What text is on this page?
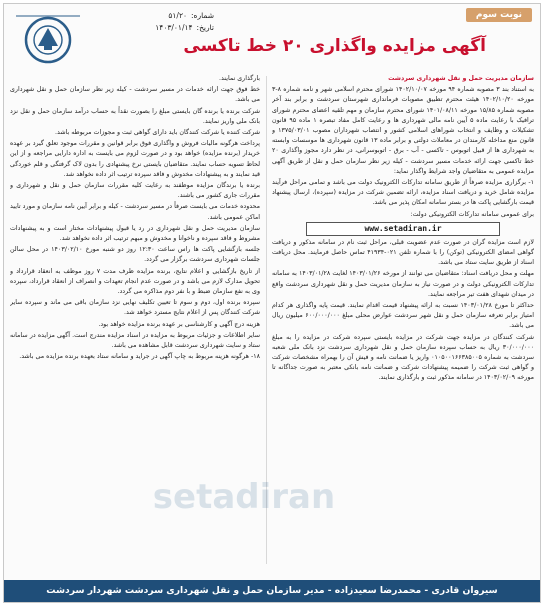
نوبت سوم
شماره:
۵۱/۲۰
تاریخ:
۱۴۰۳/۰۱/۱۴
آگهی مزایده واگذاری ۲۰ خط تاکسی
سازمان مدیریت حمل و نقل شهرداری سردشت
به استناد بند ۳ مصوبه شماره ۹۴ مورخه ۱۴۰۲/۱۰/۰۷ شورای محترم اسلامی شهر و نامه شماره ۸-۳ مورخه ۱۴۰۲/۱۰/۲۰ هیئت محترم تطبیق مصوبات فرمانداری شهرستان سردشت و برابر بند آخر مصوبه شماره ۱۵/۸۵ مورخه ۱۴۰۱/۰۸/۱۱ شورای محترم سازمان و مهم تلقیه اعضای محترم شورای ترافیک با رعایت ماده ۵ آیین نامه مالی شهرداری ها و رعایت کامل مفاد تبصره ۱ ماده ۹۵ قانون تشکیلات و وظایف و انتخاب شوراهای اسلامی کشور و انتصاب شهرداران مصوب ۱۳۷۵/۰۳/۰۱ و قانون منع مداخله کارمندان در معاملات دولتی و برابر ماده ۱۳ قانون شهرداری ها موسسات وابسته به شهرداری ها از قبیل اتوبوس - تاکسی - آب - برق - اتوبوسرانی، در نظر دارد مجوز واگذاری ۲۰ خط تاکسی جهت ارائه خدمات مسیر سردشت - کیله زیر نظر سازمان حمل و نقل از طریق آگهی مزایده عمومی به متقاضیان واجد شرایط واگذار نماید:
۱- برگزاری مزایده صرفاً از طریق سامانه تدارکات الکترونیک دولت می باشد و تمامی مراحل فرآیند مزایده شامل خرید و دریافت اسناد مزایده، ارائه تضمین شرکت در مزایده (سپرده)، ارسال پیشنهاد قیمت بارگشایی پاکت ها در بستر سامانه امکان پذیر می باشد.
برای عمومی سامانه تدارکات الکترونیکی دولت:
www.setadiran.ir
لازم است مزایده گران در صورت عدم عضویت قبلی، مراحل ثبت نام در سامانه مذکور و دریافت گواهی امضای الکترونیکی (توکن) را با شماره تلفن ۰۲۱-۴۱۹۳۴ تماس حاصل فرمایند. محل دریافت اسناد از طریق سایت ستاد می باشد.
مهلت و محل دریافت اسناد: متقاضیان می توانند از مورخه ۱۴۰۳/۰۱/۲۶ لغایت ۱۴۰۳/۰۱/۲۸ به سامانه تدارکات الکترونیکی دولت و در صورت نیاز به سازمان مدیریت حمل و نقل شهرداری سردشت واقع در میدان شهدای هفت تیر مراجعه نمایند.
حداکثر تا مورخ ۱۴۰۳/۰۱/۲۸ نسبت به ارائه پیشنهاد قیمت اقدام نمایند. قیمت پایه واگذاری هر کدام امتیاز برابر تعرفه سازمان حمل و نقل شهر سردشت عوارض محلی مبلغ ۶۰۰/۰۰۰/۰۰۰ میلیون ریال می باشد.
شرکت کنندگان در مزایده جهت شرکت در مزایده بایستی سپرده شرکت در مزایده را به مبلغ ۳۰/۰۰۰/۰۰۰ ریال به حساب سپرده سازمان حمل و نقل شهرداری سردشت نزد بانک ملی شعبه سردشت به شماره ۰۱۰۵۰۰۱۶۶۳۸۵۰۰۵ واریز یا ضمانت نامه و فیش آن را بهمراه مشخصات شرکت و گواهی ثبت شرکت را ضمیمه پیشنهادات شرکت و ضمانت نامه بانکی معتبر به صورت جداگانه تا مورخه ۱۴۰۳/۰۲/۰۹ در سامانه مذکور ثبت و بارگذاری نمایند.
بارگذاری نمایند.
خط فوق جهت ارائه خدمات در مسیر سردشت - کیله زیر نظر سازمان حمل و نقل شهرداری می باشد.
شرکت برنده یا برنده گان بایستی مبلغ را بصورت نقداً به حساب درآمد سازمان حمل و نقل نزد بانک ملی واریز نمایند.
شرکت کننده یا شرکت کنندگان باید دارای گواهی ثبت و مجوزات مربوطه باشد.
پرداخت هرگونه مالیات فروش و واگذاری فوق برابر قوانین و مقررات موجود تعلق گیرد بر عهده خریدار (برنده مزایده) خواهد بود و در صورت لزوم می بایست به اداره دارایی مراجعه و از این لحاظ تسویه حساب نمایند. متقاضیان بایستی نرخ پیشنهادی را بدون لاک گرفتگی و قلم خوردگی قید نمایند و به پیشنهادات مخدوش و فاقد سپرده ترتیب اثر داده نخواهد شد.
برنده یا برندگان مزایده موظفند به رعایت کلیه مقررات سازمان حمل و نقل و شهرداری و مقررات جاری کشور می باشند.
محدوده خدمات می بایست صرفاً در مسیر سردشت - کیله و برابر آیین نامه سازمان و مورد تایید اماکن عمومی باشد.
سازمان مدیریت حمل و نقل شهرداری در رد یا قبول پیشنهادات مختار است و به پیشنهادات مشروط و فاقد سپرده و ناخوانا و مخدوش و مبهم ترتیب اثر داده نخواهد شد.
جلسه بازگشایی پاکت ها راس ساعت ۱۲:۳۰ روز دو شنبه مورخ ۱۴۰۳/۰۲/۱۰ در محل سالن جلسات شهرداری سردشت برگزار می گردد.
از تاریخ بازگشایی و اعلام نتایج، برنده مزایده ظرف مدت ۷ روز موظف به انعقاد قرارداد و تحویل مدارک لازم می باشد و در صورت عدم انجام تعهدات و انصراف از انعقاد قرارداد، سپرده وی به نفع سازمان ضبط و با نفر دوم مذاکره می گردد.
سپرده برنده اول، دوم و سوم تا تعیین تکلیف نهایی نزد سازمان باقی می ماند و سپرده سایر شرکت کنندگان پس از اعلام نتایج مسترد خواهد شد.
هزینه درج آگهی و کارشناسی بر عهده برنده مزایده خواهد بود.
سایر اطلاعات و جزئیات مربوط به مزایده در اسناد مزایده مندرج است. آگهی مزایده در سامانه ستاد و سایت شهرداری سردشت قابل مشاهده می باشد.
۱۸- هرگونه هزینه مربوط به چاپ آگهی در جراید و سامانه ستاد بعهده برنده مزایده می باشد.
setadiran
سیروان قادری - محمدرضا سعیدزاده - مدیر سازمان حمل و نقل شهرداری سردشت شهردار سردشت
